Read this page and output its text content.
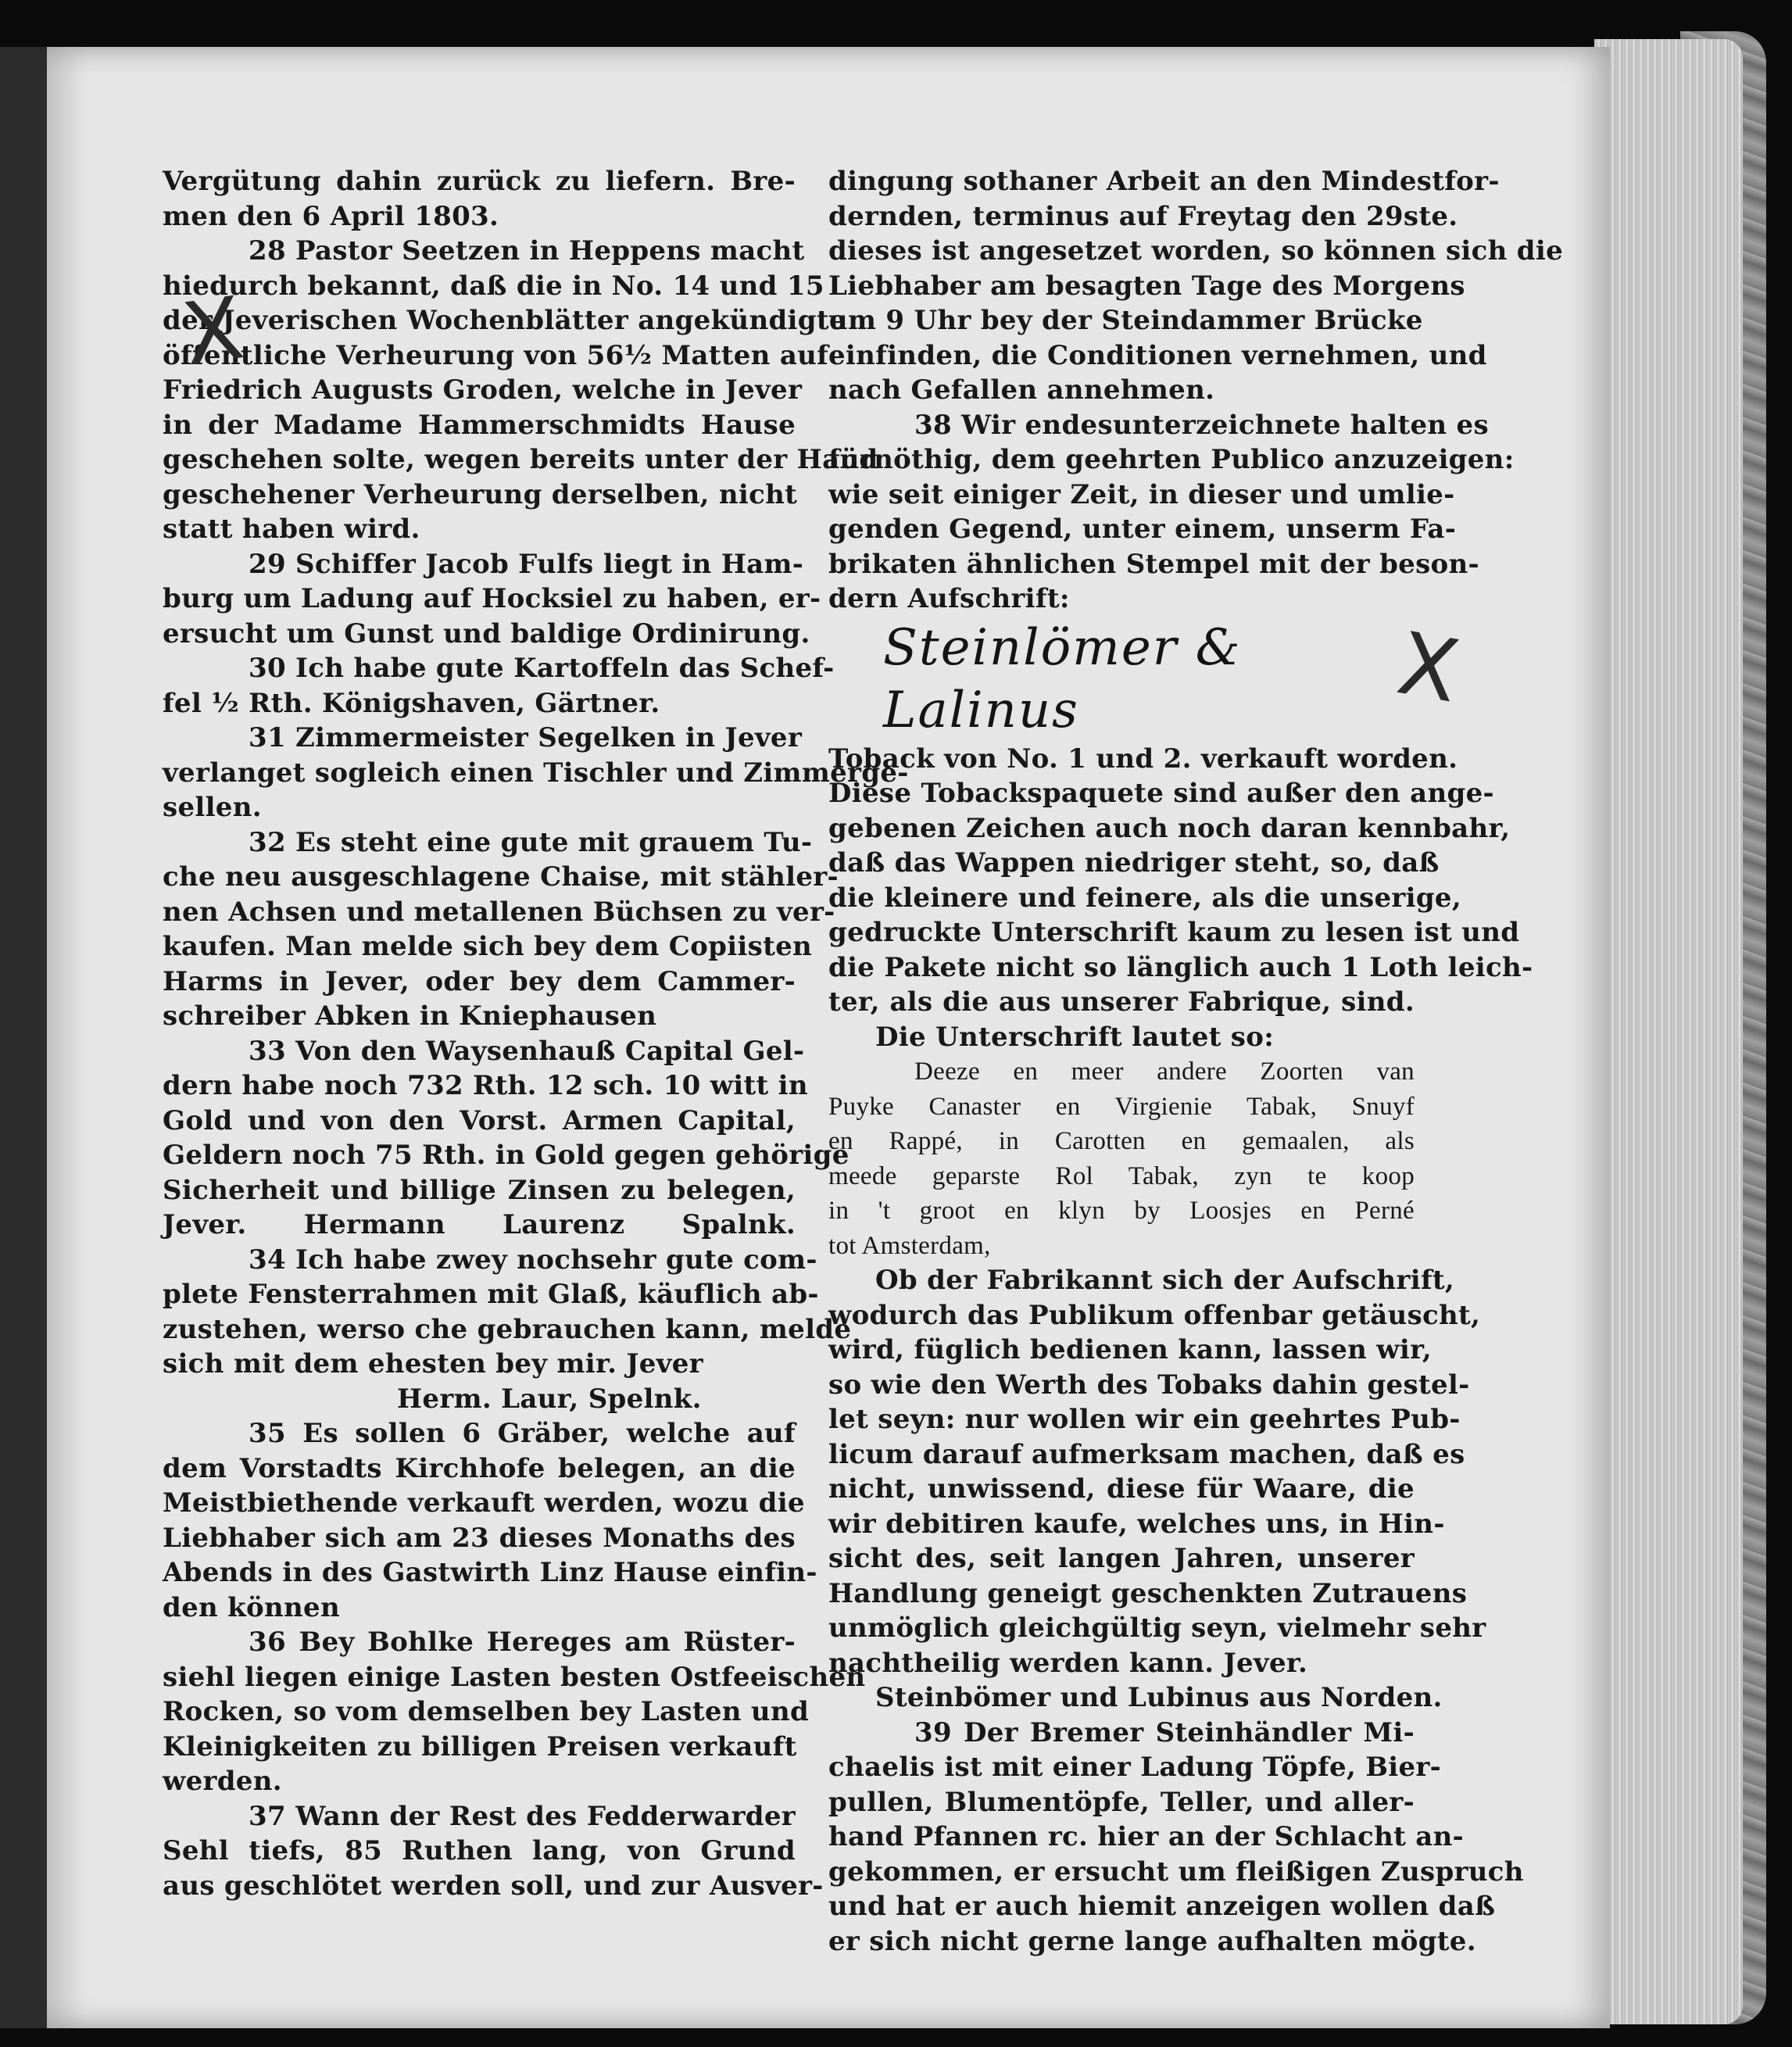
Vergütung dahin zurück zu liefern. Bre-
men den 6 April 1803.
28 Pastor Seetzen in Heppens macht
hiedurch bekannt, daß die in No. 14 und 15
der Jeverischen Wochenblätter angekündigte
öffentliche Verheurung von 56½ Matten auf
Friedrich Augusts Groden, welche in Jever
in der Madame Hammerschmidts Hause
geschehen solte, wegen bereits unter der Hand
geschehener Verheurung derselben, nicht
statt haben wird.
29 Schiffer Jacob Fulfs liegt in Ham-
burg um Ladung auf Hocksiel zu haben, er-
ersucht um Gunst und baldige Ordinirung.
30 Ich habe gute Kartoffeln das Schef-
fel ½ Rth. Königshaven, Gärtner.
31 Zimmermeister Segelken in Jever
verlanget sogleich einen Tischler und Zimmerge-
sellen.
32 Es steht eine gute mit grauem Tu-
che neu ausgeschlagene Chaise, mit stähler-
nen Achsen und metallenen Büchsen zu ver-
kaufen. Man melde sich bey dem Copiisten
Harms in Jever, oder bey dem Cammer-
schreiber Abken in Kniephausen
33 Von den Waysenhauß Capital Gel-
dern habe noch 732 Rth. 12 sch. 10 witt in
Gold und von den Vorst. Armen Capital,
Geldern noch 75 Rth. in Gold gegen gehörige
Sicherheit und billige Zinsen zu belegen,
Jever. Hermann Laurenz Spalnk.
34 Ich habe zwey nochsehr gute com-
plete Fensterrahmen mit Glaß, käuflich ab-
zustehen, werso che gebrauchen kann, melde
sich mit dem ehesten bey mir. Jever
Herm. Laur, Spelnk.
35 Es sollen 6 Gräber, welche auf
dem Vorstadts Kirchhofe belegen, an die
Meistbiethende verkauft werden, wozu die
Liebhaber sich am 23 dieses Monaths des
Abends in des Gastwirth Linz Hause einfin-
den können
36 Bey Bohlke Hereges am Rüster-
siehl liegen einige Lasten besten Ostfeeischen
Rocken, so vom demselben bey Lasten und
Kleinigkeiten zu billigen Preisen verkauft
werden.
37 Wann der Rest des Fedderwarder
Sehl tiefs, 85 Ruthen lang, von Grund
aus geschlötet werden soll, und zur Ausver-
dingung sothaner Arbeit an den Mindestfor-
dernden, terminus auf Freytag den 29ste.
dieses ist angesetzet worden, so können sich die
Liebhaber am besagten Tage des Morgens
um 9 Uhr bey der Steindammer Brücke
einfinden, die Conditionen vernehmen, und
nach Gefallen annehmen.
38 Wir endesunterzeichnete halten es
fürnöthig, dem geehrten Publico anzuzeigen:
wie seit einiger Zeit, in dieser und umlie-
genden Gegend, unter einem, unserm Fa-
brikaten ähnlichen Stempel mit der beson-
dern Aufschrift:
Steinlömer & Lalinus
Toback von No. 1 und 2. verkauft worden.
Diese Tobackspaquete sind außer den ange-
gebenen Zeichen auch noch daran kennbahr,
daß das Wappen niedriger steht, so, daß
die kleinere und feinere, als die unserige,
gedruckte Unterschrift kaum zu lesen ist und
die Pakete nicht so länglich auch 1 Loth leich-
ter, als die aus unserer Fabrique, sind.
Die Unterschrift lautet so:
Deeze en meer andere Zoorten van
Puyke Canaster en Virgienie Tabak, Snuyf
en Rappé, in Carotten en gemaalen, als
meede geparste Rol Tabak, zyn te koop
in 't groot en klyn by Loosjes en Perné
tot Amsterdam,
Ob der Fabrikannt sich der Aufschrift,
wodurch das Publikum offenbar getäuscht,
wird, füglich bedienen kann, lassen wir,
so wie den Werth des Tobaks dahin gestel-
let seyn: nur wollen wir ein geehrtes Pub-
licum darauf aufmerksam machen, daß es
nicht, unwissend, diese für Waare, die
wir debitiren kaufe, welches uns, in Hin-
sicht des, seit langen Jahren, unserer
Handlung geneigt geschenkten Zutrauens
unmöglich gleichgültig seyn, vielmehr sehr
nachtheilig werden kann. Jever.
Steinbömer und Lubinus aus Norden.
39 Der Bremer Steinhändler Mi-
chaelis ist mit einer Ladung Töpfe, Bier-
pullen, Blumentöpfe, Teller, und aller-
hand Pfannen rc. hier an der Schlacht an-
gekommen, er ersucht um fleißigen Zuspruch
und hat er auch hiemit anzeigen wollen daß
er sich nicht gerne lange aufhalten mögte.
X
X
